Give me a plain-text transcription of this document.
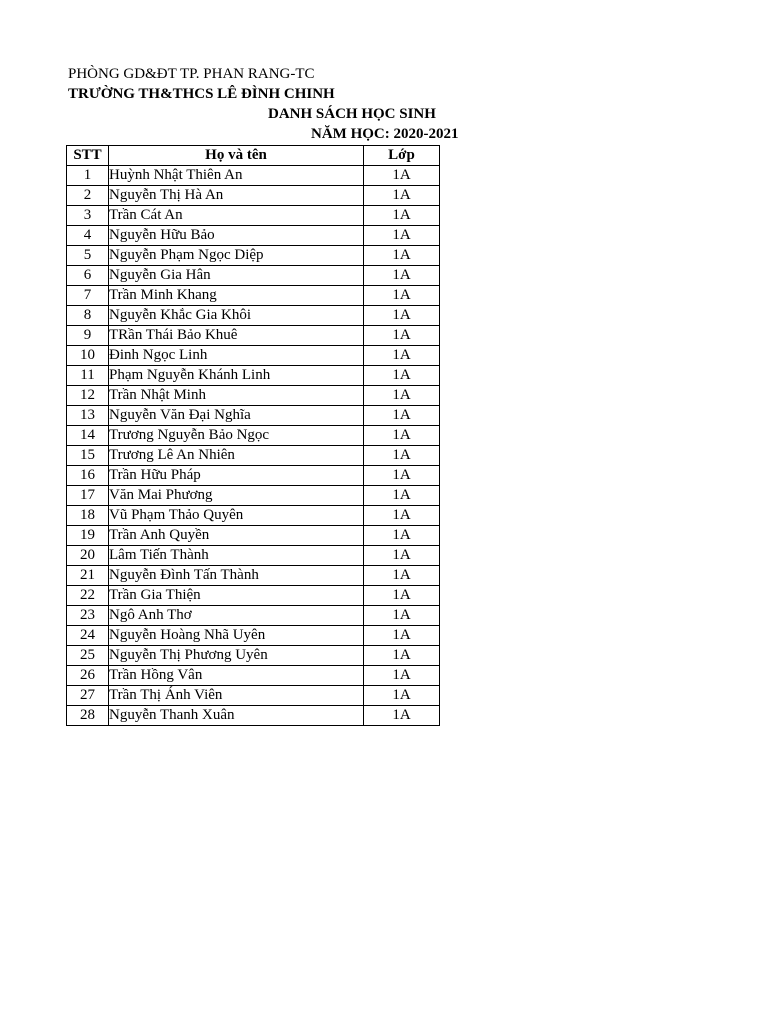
PHÒNG GD&ĐT TP. PHAN RANG-TC
TRƯỜNG TH&THCS LÊ ĐÌNH CHINH
DANH SÁCH HỌC SINH
NĂM HỌC: 2020-2021
STT	Họ và tên	Lớp
1	Huỳnh Nhật Thiên An	1A
2	Nguyễn Thị Hà An	1A
3	Trần Cát An	1A
4	Nguyễn Hữu Bảo	1A
5	Nguyễn Phạm Ngọc Diệp	1A
6	Nguyễn Gia Hân	1A
7	Trần Minh Khang	1A
8	Nguyễn Khắc Gia Khôi	1A
9	TRần Thái Bảo Khuê	1A
10	Đinh Ngọc Linh	1A
11	Phạm Nguyễn Khánh Linh	1A
12	Trần Nhật Minh	1A
13	Nguyễn Văn Đại Nghĩa	1A
14	Trương Nguyễn Bảo Ngọc	1A
15	Trương Lê An Nhiên	1A
16	Trần Hữu Pháp	1A
17	Văn Mai Phương	1A
18	Vũ Phạm Thảo Quyên	1A
19	Trần Anh Quyền	1A
20	Lâm Tiến Thành	1A
21	Nguyễn Đình Tấn Thành	1A
22	Trần Gia Thiện	1A
23	Ngô Anh Thơ	1A
24	Nguyễn Hoàng Nhã Uyên	1A
25	Nguyễn Thị Phương Uyên	1A
26	Trần Hồng Vân	1A
27	Trần Thị Ánh Viên	1A
28	Nguyễn Thanh Xuân	1A
